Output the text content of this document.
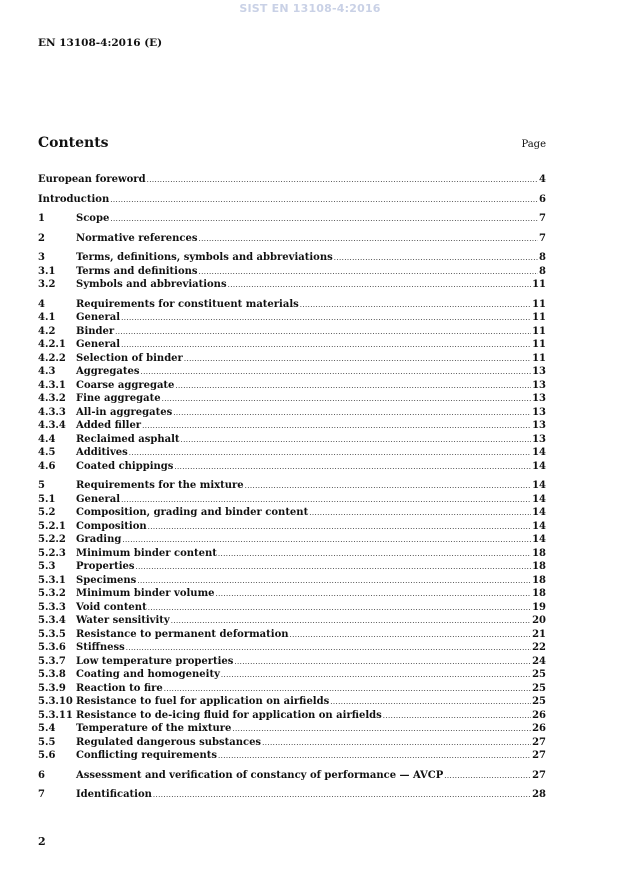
SIST EN 13108-4:2016
EN 13108-4:2016 (E)
Contents	Page
European foreword .....	4
Introduction .....	6
1	Scope .....	7
2	Normative references .....	7
3	Terms, definitions, symbols and abbreviations .....	8
3.1	Terms and definitions .....	8
3.2	Symbols and abbreviations .....	11
4	Requirements for constituent materials .....	11
4.1	General .....	11
4.2	Binder .....	11
4.2.1	General .....	11
4.2.2	Selection of binder .....	11
4.3	Aggregates .....	13
4.3.1	Coarse aggregate .....	13
4.3.2	Fine aggregate .....	13
4.3.3	All-in aggregates .....	13
4.3.4	Added filler .....	13
4.4	Reclaimed asphalt .....	13
4.5	Additives .....	14
4.6	Coated chippings .....	14
5	Requirements for the mixture .....	14
5.1	General .....	14
5.2	Composition, grading and binder content .....	14
5.2.1	Composition .....	14
5.2.2	Grading .....	14
5.2.3	Minimum binder content .....	18
5.3	Properties .....	18
5.3.1	Specimens .....	18
5.3.2	Minimum binder volume .....	18
5.3.3	Void content .....	19
5.3.4	Water sensitivity .....	20
5.3.5	Resistance to permanent deformation .....	21
5.3.6	Stiffness .....	22
5.3.7	Low temperature properties .....	24
5.3.8	Coating and homogeneity .....	25
5.3.9	Reaction to fire .....	25
5.3.10 Resistance to fuel for application on airfields .....	25
5.3.11 Resistance to de-icing fluid for application on airfields .....	26
5.4	Temperature of the mixture .....	26
5.5	Regulated dangerous substances .....	27
5.6	Conflicting requirements .....	27
6	Assessment and verification of constancy of performance — AVCP .....	27
7	Identification .....	28
2
